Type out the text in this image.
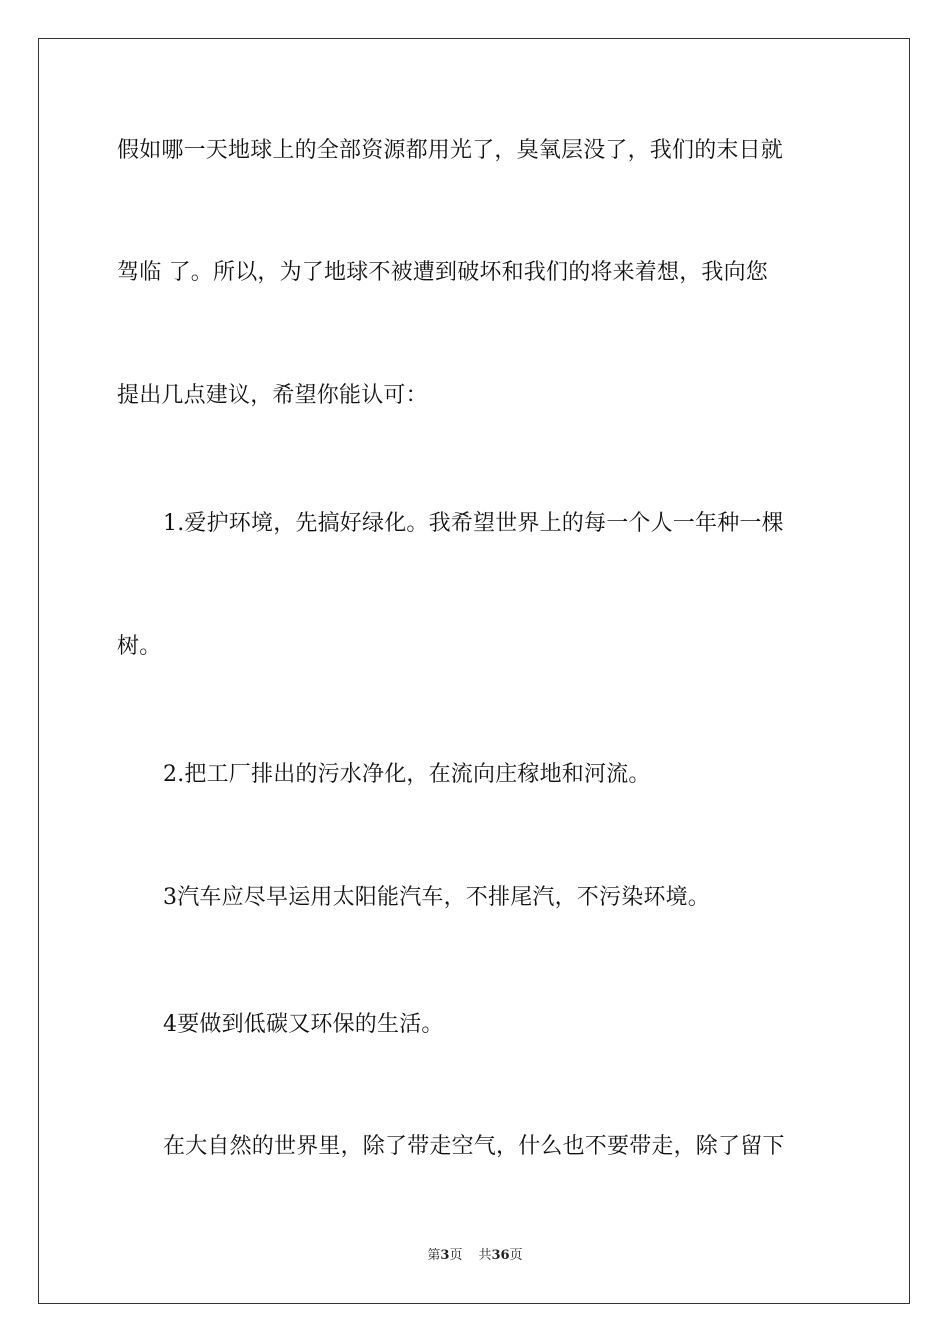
假如哪一天地球上的全部资源都用光了，臭氧层没了，我们的末日就
驾临 了。所以，为了地球不被遭到破坏和我们的将来着想，我向您
提出几点建议，希望你能认可：
1.爱护环境，先搞好绿化。我希望世界上的每一个人一年种一棵
树。
2.把工厂排出的污水净化，在流向庄稼地和河流。
3汽车应尽早运用太阳能汽车，不排尾汽，不污染环境。
4要做到低碳又环保的生活。
在大自然的世界里，除了带走空气，什么也不要带走，除了留下
第3页 共36页
